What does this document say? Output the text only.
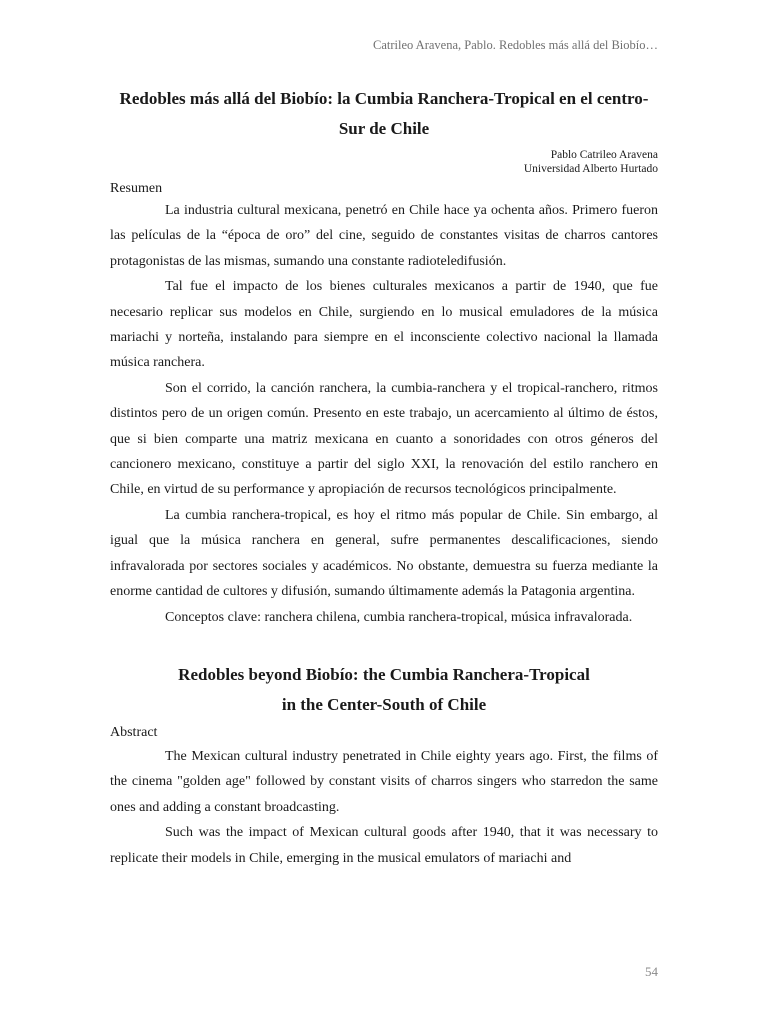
Catrileo Aravena, Pablo. Redobles más allá del Biobío…
Redobles más allá del Biobío: la Cumbia Ranchera-Tropical en el centro-Sur de Chile
Pablo Catrileo Aravena
Universidad Alberto Hurtado
Resumen

La industria cultural mexicana, penetró en Chile hace ya ochenta años. Primero fueron las películas de la “época de oro” del cine, seguido de constantes visitas de charros cantores protagonistas de las mismas, sumando una constante radioteledifusión.

Tal fue el impacto de los bienes culturales mexicanos a partir de 1940, que fue necesario replicar sus modelos en Chile, surgiendo en lo musical emuladores de la música mariachi y norteña, instalando para siempre en el inconsciente colectivo nacional la llamada música ranchera.

Son el corrido, la canción ranchera, la cumbia-ranchera y el tropical-ranchero, ritmos distintos pero de un origen común. Presento en este trabajo, un acercamiento al último de éstos, que si bien comparte una matriz mexicana en cuanto a sonoridades con otros géneros del cancionero mexicano, constituye a partir del siglo XXI, la renovación del estilo ranchero en Chile, en virtud de su performance y apropiación de recursos tecnológicos principalmente.

La cumbia ranchera-tropical, es hoy el ritmo más popular de Chile. Sin embargo, al igual que la música ranchera en general, sufre permanentes descalificaciones, siendo infravalorada por sectores sociales y académicos. No obstante, demuestra su fuerza mediante la enorme cantidad de cultores y difusión, sumando últimamente además la Patagonia argentina.

Conceptos clave: ranchera chilena, cumbia ranchera-tropical, música infravalorada.

Redobles beyond Biobío: the Cumbia Ranchera-Tropical
in the Center-South of Chile
Abstract

The Mexican cultural industry penetrated in Chile eighty years ago. First, the films of the cinema "golden age" followed by constant visits of charros singers who starredon the same ones and adding a constant broadcasting.

Such was the impact of Mexican cultural goods after 1940, that it was necessary to replicate their models in Chile, emerging in the musical emulators of mariachi and

54
